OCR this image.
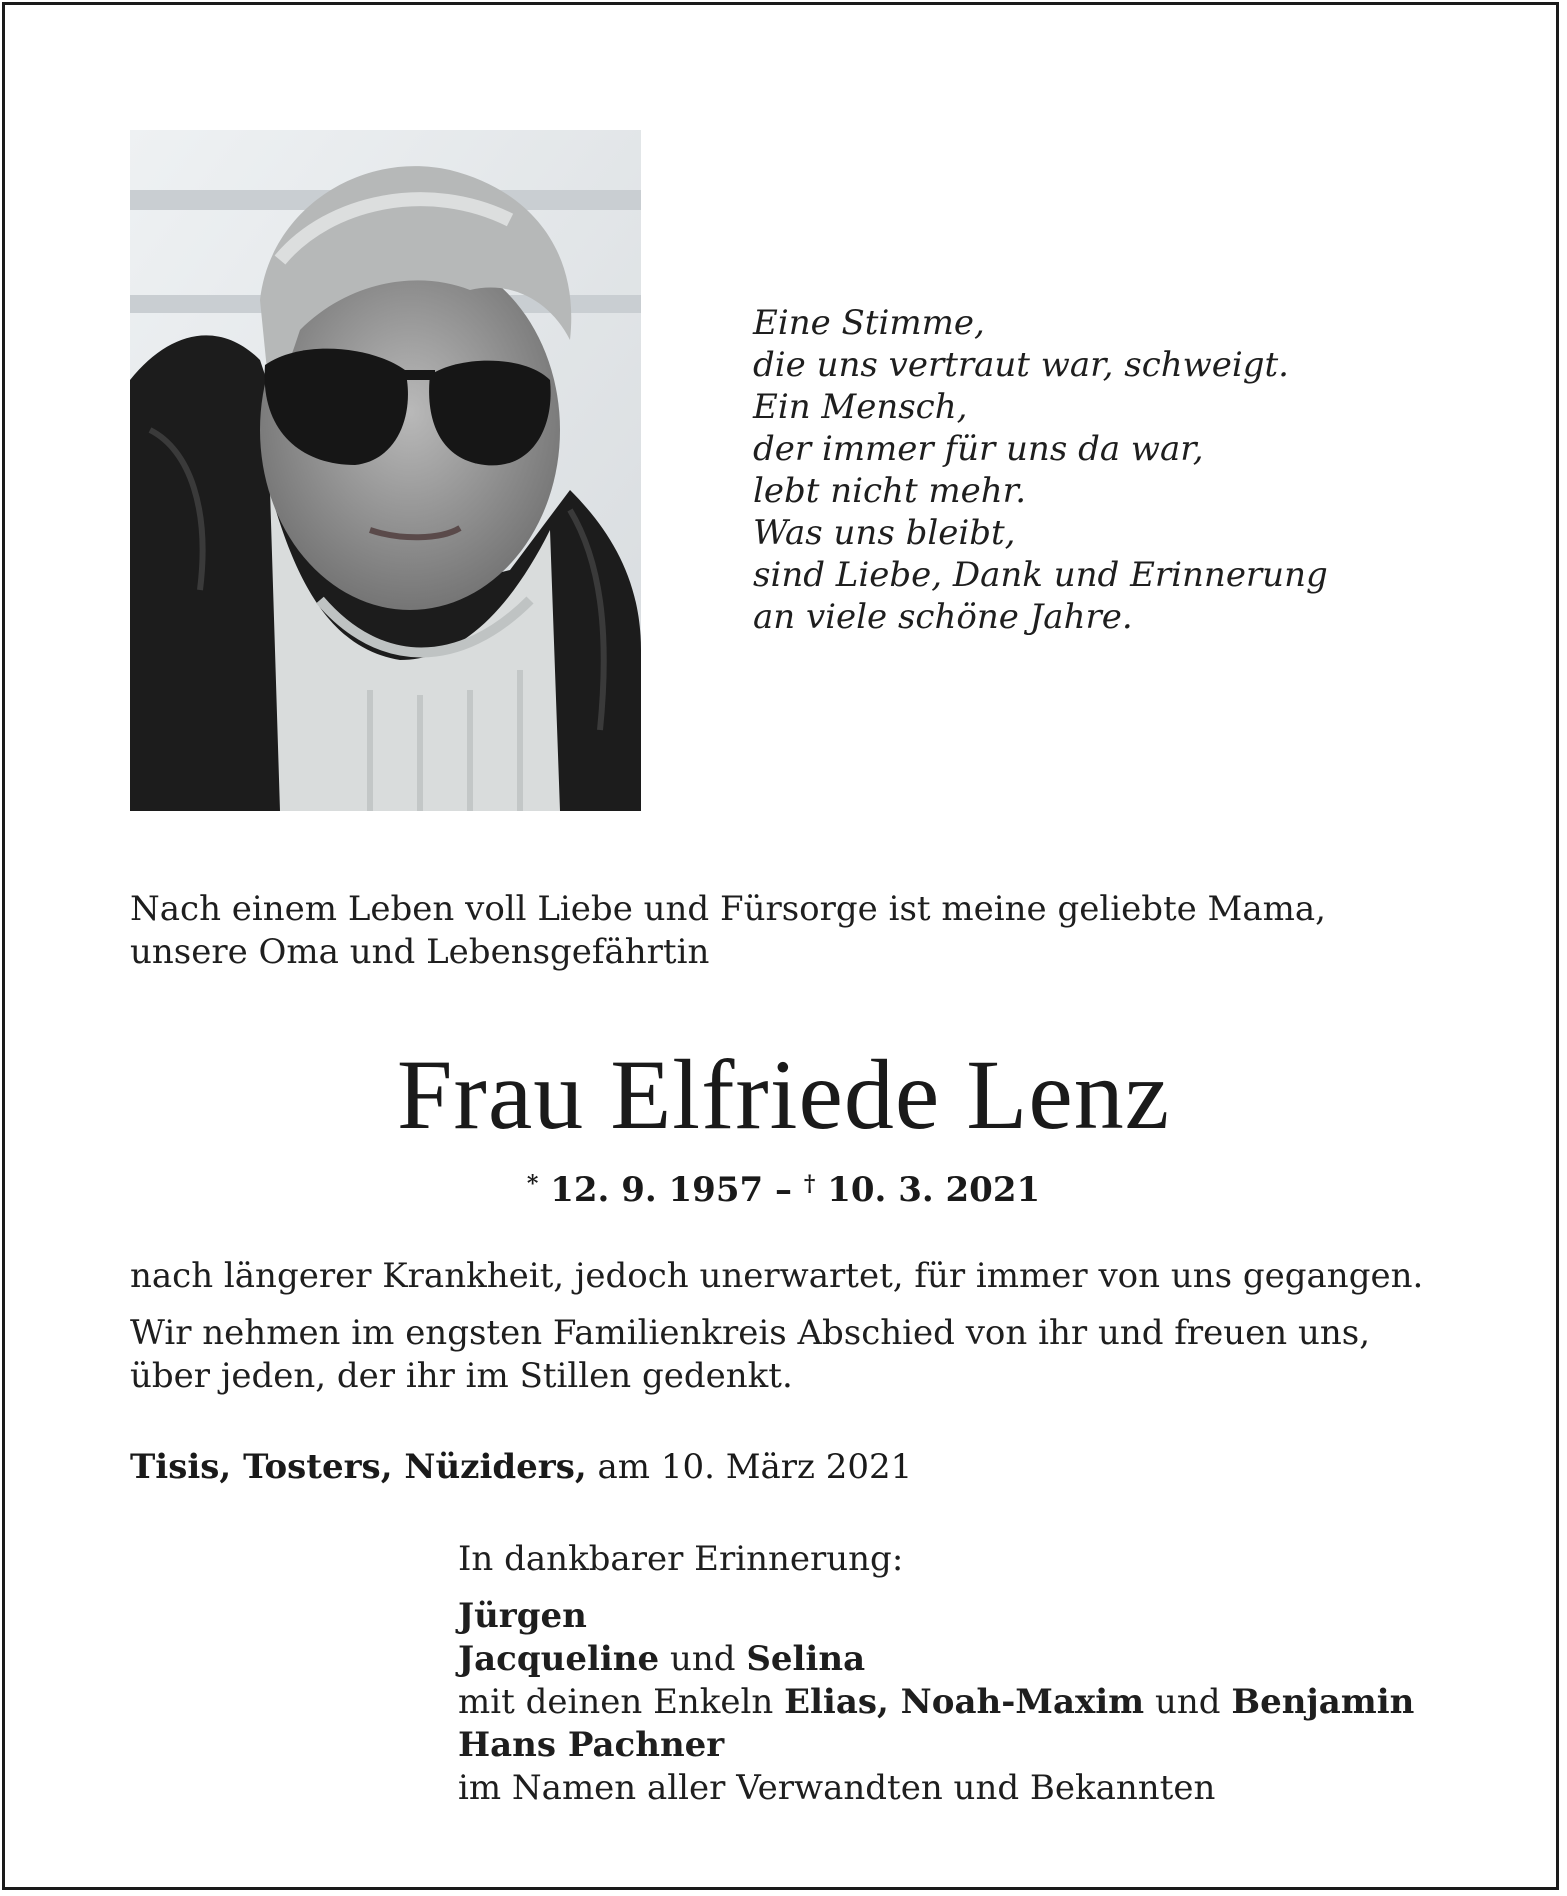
Eine Stimme,
die uns vertraut war, schweigt.
Ein Mensch,
der immer für uns da war,
lebt nicht mehr.
Was uns bleibt,
sind Liebe, Dank und Erinnerung
an viele schöne Jahre.
Nach einem Leben voll Liebe und Fürsorge ist meine geliebte Mama, unsere Oma und Lebensgefährtin
Frau Elfriede Lenz
* 12. 9. 1957 – † 10. 3. 2021

nach längerer Krankheit, jedoch unerwartet, für immer von uns gegangen.

Wir nehmen im engsten Familienkreis Abschied von ihr und freuen uns, über jeden, der ihr im Stillen gedenkt.

Tisis, Tosters, Nüziders, am 10. März 2021
In dankbarer Erinnerung:
Jürgen
Jacqueline und Selina
mit deinen Enkeln Elias, Noah-Maxim und Benjamin
Hans Pachner
im Namen aller Verwandten und Bekannten
